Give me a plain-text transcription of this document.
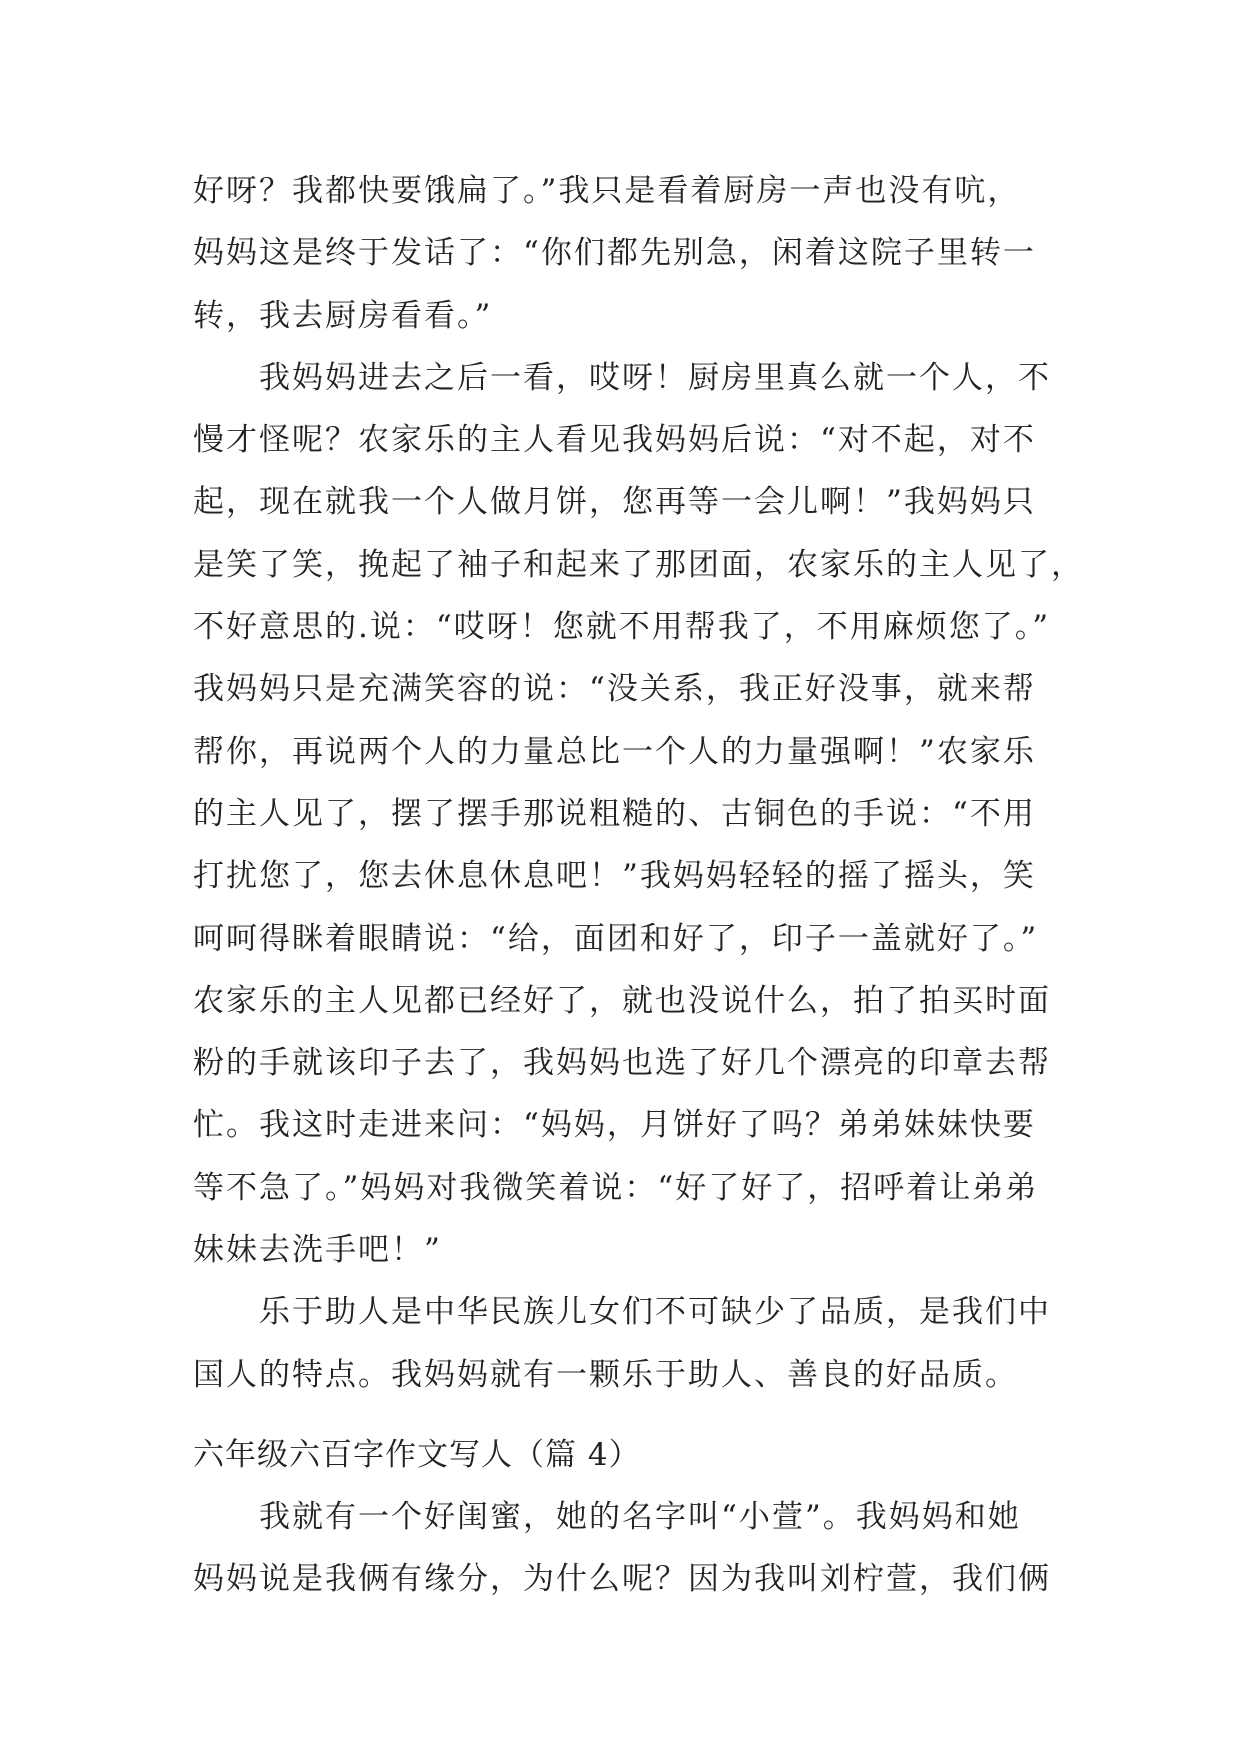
好呀？我都快要饿扁了。”我只是看着厨房一声也没有吭，
妈妈这是终于发话了：“你们都先别急，闲着这院子里转一
转，我去厨房看看。”
我妈妈进去之后一看，哎呀！厨房里真么就一个人，不
慢才怪呢？农家乐的主人看见我妈妈后说：“对不起，对不
起，现在就我一个人做月饼，您再等一会儿啊！”我妈妈只
是笑了笑，挽起了袖子和起来了那团面，农家乐的主人见了，
不好意思的.说：“哎呀！您就不用帮我了，不用麻烦您了。”
我妈妈只是充满笑容的说：“没关系，我正好没事，就来帮
帮你，再说两个人的力量总比一个人的力量强啊！”农家乐
的主人见了，摆了摆手那说粗糙的、古铜色的手说：“不用
打扰您了，您去休息休息吧！”我妈妈轻轻的摇了摇头，笑
呵呵得眯着眼睛说：“给，面团和好了，印子一盖就好了。”
农家乐的主人见都已经好了，就也没说什么，拍了拍买时面
粉的手就该印子去了，我妈妈也选了好几个漂亮的印章去帮
忙。我这时走进来问：“妈妈，月饼好了吗？弟弟妹妹快要
等不急了。”妈妈对我微笑着说：“好了好了，招呼着让弟弟
妹妹去洗手吧！”
乐于助人是中华民族儿女们不可缺少了品质，是我们中
国人的特点。我妈妈就有一颗乐于助人、善良的好品质。
六年级六百字作文写人（篇 4）
我就有一个好闺蜜，她的名字叫“小萱”。我妈妈和她
妈妈说是我俩有缘分，为什么呢？因为我叫刘柠萱，我们俩
